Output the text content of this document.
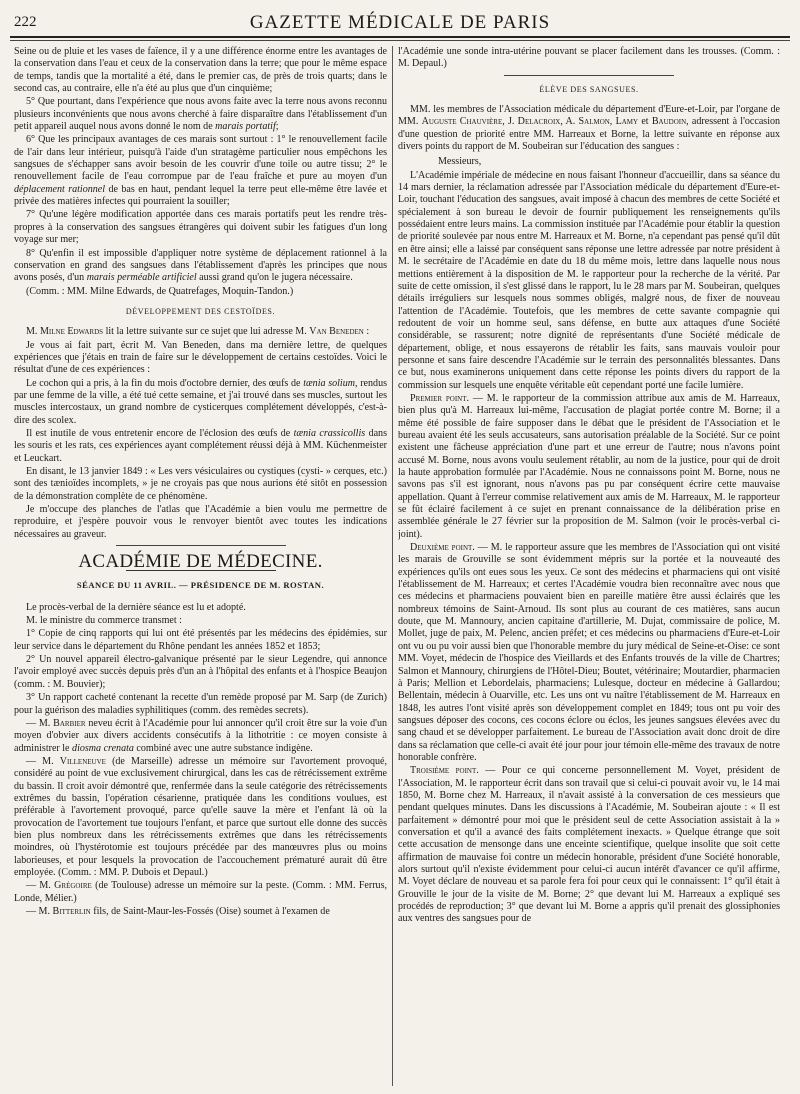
222	GAZETTE MÉDICALE DE PARIS

Seine ou de pluie et les vases de faïence, il y a une différence énorme entre les avantages de la conservation dans l'eau et ceux de la conservation dans la terre; que pour le même espace de temps, tandis que la mortalité a été, dans le premier cas, de près de trois quarts; dans le second cas, au contraire, elle n'a été au plus que d'un cinquième;

5° Que pourtant, dans l'expérience que nous avons faite avec la terre nous avons reconnu plusieurs inconvénients que nous avons cherché à faire disparaître dans l'établissement d'un petit appareil auquel nous avons donné le nom de marais portatif;

6° Que les principaux avantages de ces marais sont surtout : 1° le renouvellement facile de l'air dans leur intérieur, puisqu'à l'aide d'un stratagème particulier nous empêchons les sangsues de s'échapper sans avoir besoin de les couvrir d'une toile ou autre tissu; 2° le renouvellement facile de l'eau corrompue par de l'eau fraîche et pure au moyen d'un déplacement rationnel de bas en haut, pendant lequel la terre peut elle-même être lavée et privée des matières infectes qui pourraient la souiller;

7° Qu'une légère modification apportée dans ces marais portatifs peut les rendre très-propres à la conservation des sangsues étrangères qui doivent subir les fatigues d'un long voyage sur mer;

8° Qu'enfin il est impossible d'appliquer notre système de déplacement rationnel à la conservation en grand des sangsues dans l'établissement d'après les principes que nous avons posés, d'un marais perméable artificiel aussi grand qu'on le jugera nécessaire.

(Comm. : MM. Milne Edwards, de Quatrefages, Moquin-Tandon.)

DÉVELOPPEMENT DES CESTOÏDES.

M. Milne Edwards lit la lettre suivante sur ce sujet que lui adresse M. Van Beneden :

Je vous ai fait part, écrit M. Van Beneden, dans ma dernière lettre, de quelques expériences que j'étais en train de faire sur le développement de certains cestoïdes. Voici le résultat d'une de ces expériences :

Le cochon qui a pris, à la fin du mois d'octobre dernier, des œufs de tænia solium, rendus par une femme de la ville, a été tué cette semaine, et j'ai trouvé dans ses muscles, surtout les muscles intercostaux, un grand nombre de cysticerques complétement développés, c'est-à-dire des scolex.

Il est inutile de vous entretenir encore de l'éclosion des œufs de tænia crassicollis dans les souris et les rats, ces expériences ayant complétement réussi déjà à MM. Küchenmeister et Leuckart.

En disant, le 13 janvier 1849 : « Les vers vésiculaires ou cystiques (cysti- » cerques, etc.) sont des tænioïdes incomplets, » je ne croyais pas que nous aurions été sitôt en possession de la démonstration complète de ce phénomène.

Je m'occupe des planches de l'atlas que l'Académie a bien voulu me permettre de reproduire, et j'espère pouvoir vous le renvoyer bientôt avec toutes les indications nécessaires au graveur.

ACADÉMIE DE MÉDECINE.
SÉANCE DU 11 AVRIL. — PRÉSIDENCE DE M. ROSTAN.

Le procès-verbal de la dernière séance est lu et adopté.

M. le ministre du commerce transmet :

1° Copie de cinq rapports qui lui ont été présentés par les médecins des épidémies, sur leur service dans le département du Rhône pendant les années 1852 et 1853;

2° Un nouvel appareil électro-galvanique présenté par le sieur Legendre, qui annonce l'avoir employé avec succès depuis près d'un an à l'hôpital des enfants et à l'hospice Beaujon (comm. : M. Bouvier);

3° Un rapport cacheté contenant la recette d'un remède proposé par M. Sarp (de Zurich) pour la guérison des maladies syphilitiques (comm. des remèdes secrets).

— M. Barbier neveu écrit à l'Académie pour lui annoncer qu'il croit être sur la voie d'un moyen d'obvier aux divers accidents consécutifs à la lithotritie : ce moyen consiste à administrer le diosma crenata combiné avec une autre substance indigène.

— M. Villeneuve (de Marseille) adresse un mémoire sur l'avortement provoqué, considéré au point de vue exclusivement chirurgical, dans les cas de rétrécissement extrême du bassin. Il croit avoir démontré que, renfermée dans la seule catégorie des rétrécissements extrêmes du bassin, l'opération césarienne, pratiquée dans les conditions voulues, est préférable à l'avortement provoqué, parce qu'elle sauve la mère et l'enfant là où la provocation de l'avortement tue toujours l'enfant, et parce que surtout elle donne des succès bien plus nombreux dans les rétrécissements extrêmes que dans les rétrécissements moindres, où l'hystérotomie est toujours précédée par des manœuvres plus ou moins laborieuses, et pour lesquels la provocation de l'accouchement prématuré aurait dû être employée. (Comm. : MM. P. Dubois et Depaul.)

— M. Grégoire (de Toulouse) adresse un mémoire sur la peste. (Comm. : MM. Ferrus, Londe, Mélier.)

— M. Bitterlin fils, de Saint-Maur-les-Fossés (Oise) soumet à l'examen de

l'Académie une sonde intra-utérine pouvant se placer facilement dans les trousses. (Comm. : M. Depaul.)

ÉLÈVE DES SANGSUES.

MM. les membres de l'Association médicale du département d'Eure-et-Loir, par l'organe de MM. Auguste Chauvière, J. Delacroix, A. Salmon, Lamy et Baudoin, adressent à l'occasion d'une question de priorité entre MM. Harreaux et Borne, la lettre suivante en réponse aux divers points du rapport de M. Soubeiran sur l'éducation des sangues :

Messieurs,

L'Académie impériale de médecine en nous faisant l'honneur d'accueillir, dans sa séance du 14 mars dernier, la réclamation adressée par l'Association médicale du département d'Eure-et-Loir, touchant l'éducation des sangsues, avait imposé à chacun des membres de cette Société et spécialement à son bureau le devoir de fournir publiquement les renseignements qu'ils possédaient entre leurs mains. La commission instituée par l'Académie pour établir la question de priorité soulevée par nous entre M. Harreaux et M. Borne, n'a cependant pas pensé qu'il dût en être ainsi; elle a laissé par conséquent sans réponse une lettre adressée par notre président à M. le secrétaire de l'Académie en date du 18 du même mois, lettre dans laquelle nous nous mettions entièrement à la disposition de M. le rapporteur pour la recherche de la vérité. Par suite de cette omission, il s'est glissé dans le rapport, lu le 28 mars par M. Soubeiran, quelques détails irréguliers sur lesquels nous sommes obligés, malgré nous, de fixer de nouveau l'attention de l'Académie. Toutefois, que les membres de cette savante compagnie qui redoutent de voir un homme seul, sans défense, en butte aux attaques d'une Société considérable, se rassurent; notre dignité de représentants d'une Société médicale de département, oblige, et nous essayerons de rétablir les faits, sans mauvais vouloir pour personne et sans faire descendre l'Académie sur le terrain des personnalités blessantes. Dans ce but, nous examinerons uniquement dans cette réponse les points divers du rapport de la commission sur lesquels une enquête véritable eût cependant porté une facile lumière.

Premier point. — M. le rapporteur de la commission attribue aux amis de M. Harreaux, bien plus qu'à M. Harreaux lui-même, l'accusation de plagiat portée contre M. Borne; il a même été possible de faire supposer dans le débat que le président de l'Association et le bureau avaient été les seuls accusateurs, sans autorisation préalable de la Société. Sur ce point existent une fâcheuse appréciation d'une part et une erreur de l'autre; nous n'avons point accusé M. Borne, nous avons voulu seulement rétablir, au nom de la justice, pour qui de droit la haute approbation formulée par l'Académie. Nous ne connaissons point M. Borne, nous ne savons pas s'il est ignorant, nous n'avons pas pu par conséquent écrire cette mauvaise appellation. Quant à l'erreur commise relativement aux amis de M. Harreaux, M. le rapporteur se fût éclairé facilement à ce sujet en prenant connaissance de la délibération prise en assemblée générale le 27 février sur la proposition de M. Salmon (voir le procès-verbal ci-joint).

Deuxième point. — M. le rapporteur assure que les membres de l'Association qui ont visité les marais de Grouville se sont évidemment mépris sur la portée et la nouveauté des expériences qu'ils ont eues sous les yeux. Ce sont des médecins et pharmaciens qui ont visité l'établissement de M. Harreaux; et certes l'Académie voudra bien reconnaître avec nous que ces médecins et pharmaciens pouvaient bien en pareille matière être aussi éclairés que les nombreux témoins de Saint-Arnoud. Ils sont plus au courant de ces matières, sans aucun doute, que M. Mannoury, ancien capitaine d'artillerie, M. Dujat, commissaire de police, M. Mollet, juge de paix, M. Pelenc, ancien préfet; et ces médecins ou pharmaciens d'Eure-et-Loir ont vu ou pu voir aussi bien que l'honorable membre du jury médical de Seine-et-Oise: ce sont MM. Voyet, médecin de l'hospice des Vieillards et des Enfants trouvés de la ville de Chartres; Salmon et Mannoury, chirurgiens de l'Hôtel-Dieu; Boutet, vétérinaire; Moutardier, pharmacien à Paris; Mellion et Lebordelais, pharmaciens; Lulesque, docteur en médecine à Gallardou; Bellentain, médecin à Ouarville, etc. Les uns ont vu naître l'établissement de M. Harreaux en 1848, les autres l'ont visité après son développement complet en 1849; tous ont pu voir des sangsues déposer des cocons, ces cocons éclore ou éclos, les jeunes sangsues élevées avec du sang chaud et se développer parfaitement. Le bureau de l'Association avait donc droit de dire dans sa réclamation que celle-ci avait été jour pour jour témoin elle-même des travaux de notre honorable confrère.

Troisième point. — Pour ce qui concerne personnellement M. Voyet, président de l'Association, M. le rapporteur écrit dans son travail que si celui-ci pouvait avoir vu, le 14 mai 1850, M. Borne chez M. Harreaux, il n'avait assisté à la conversation de ces messieurs que pendant quelques minutes. Dans les discussions à l'Académie, M. Soubeiran ajoute : « Il est parfaitement » démontré pour moi que le président seul de cette Association assistait à la » conversation et qu'il a avancé des faits complétement inexacts. » Quelque étrange que soit cette accusation de mensonge dans une enceinte scientifique, quelque insolite que soit cette affirmation de mauvaise foi contre un médecin honorable, président d'une Société honorable, alors surtout qu'il n'existe évidemment pour celui-ci aucun intérêt d'avancer ce qu'il affirme, M. Voyet déclare de nouveau et sa parole fera foi pour ceux qui le connaissent: 1° qu'il était à Grouville le jour de la visite de M. Borne; 2° que devant lui M. Harreaux a expliqué ses procédés de reproduction; 3° que devant lui M. Borne a appris qu'il prenait des glossiphonies aux ventres des sangsues pour de
